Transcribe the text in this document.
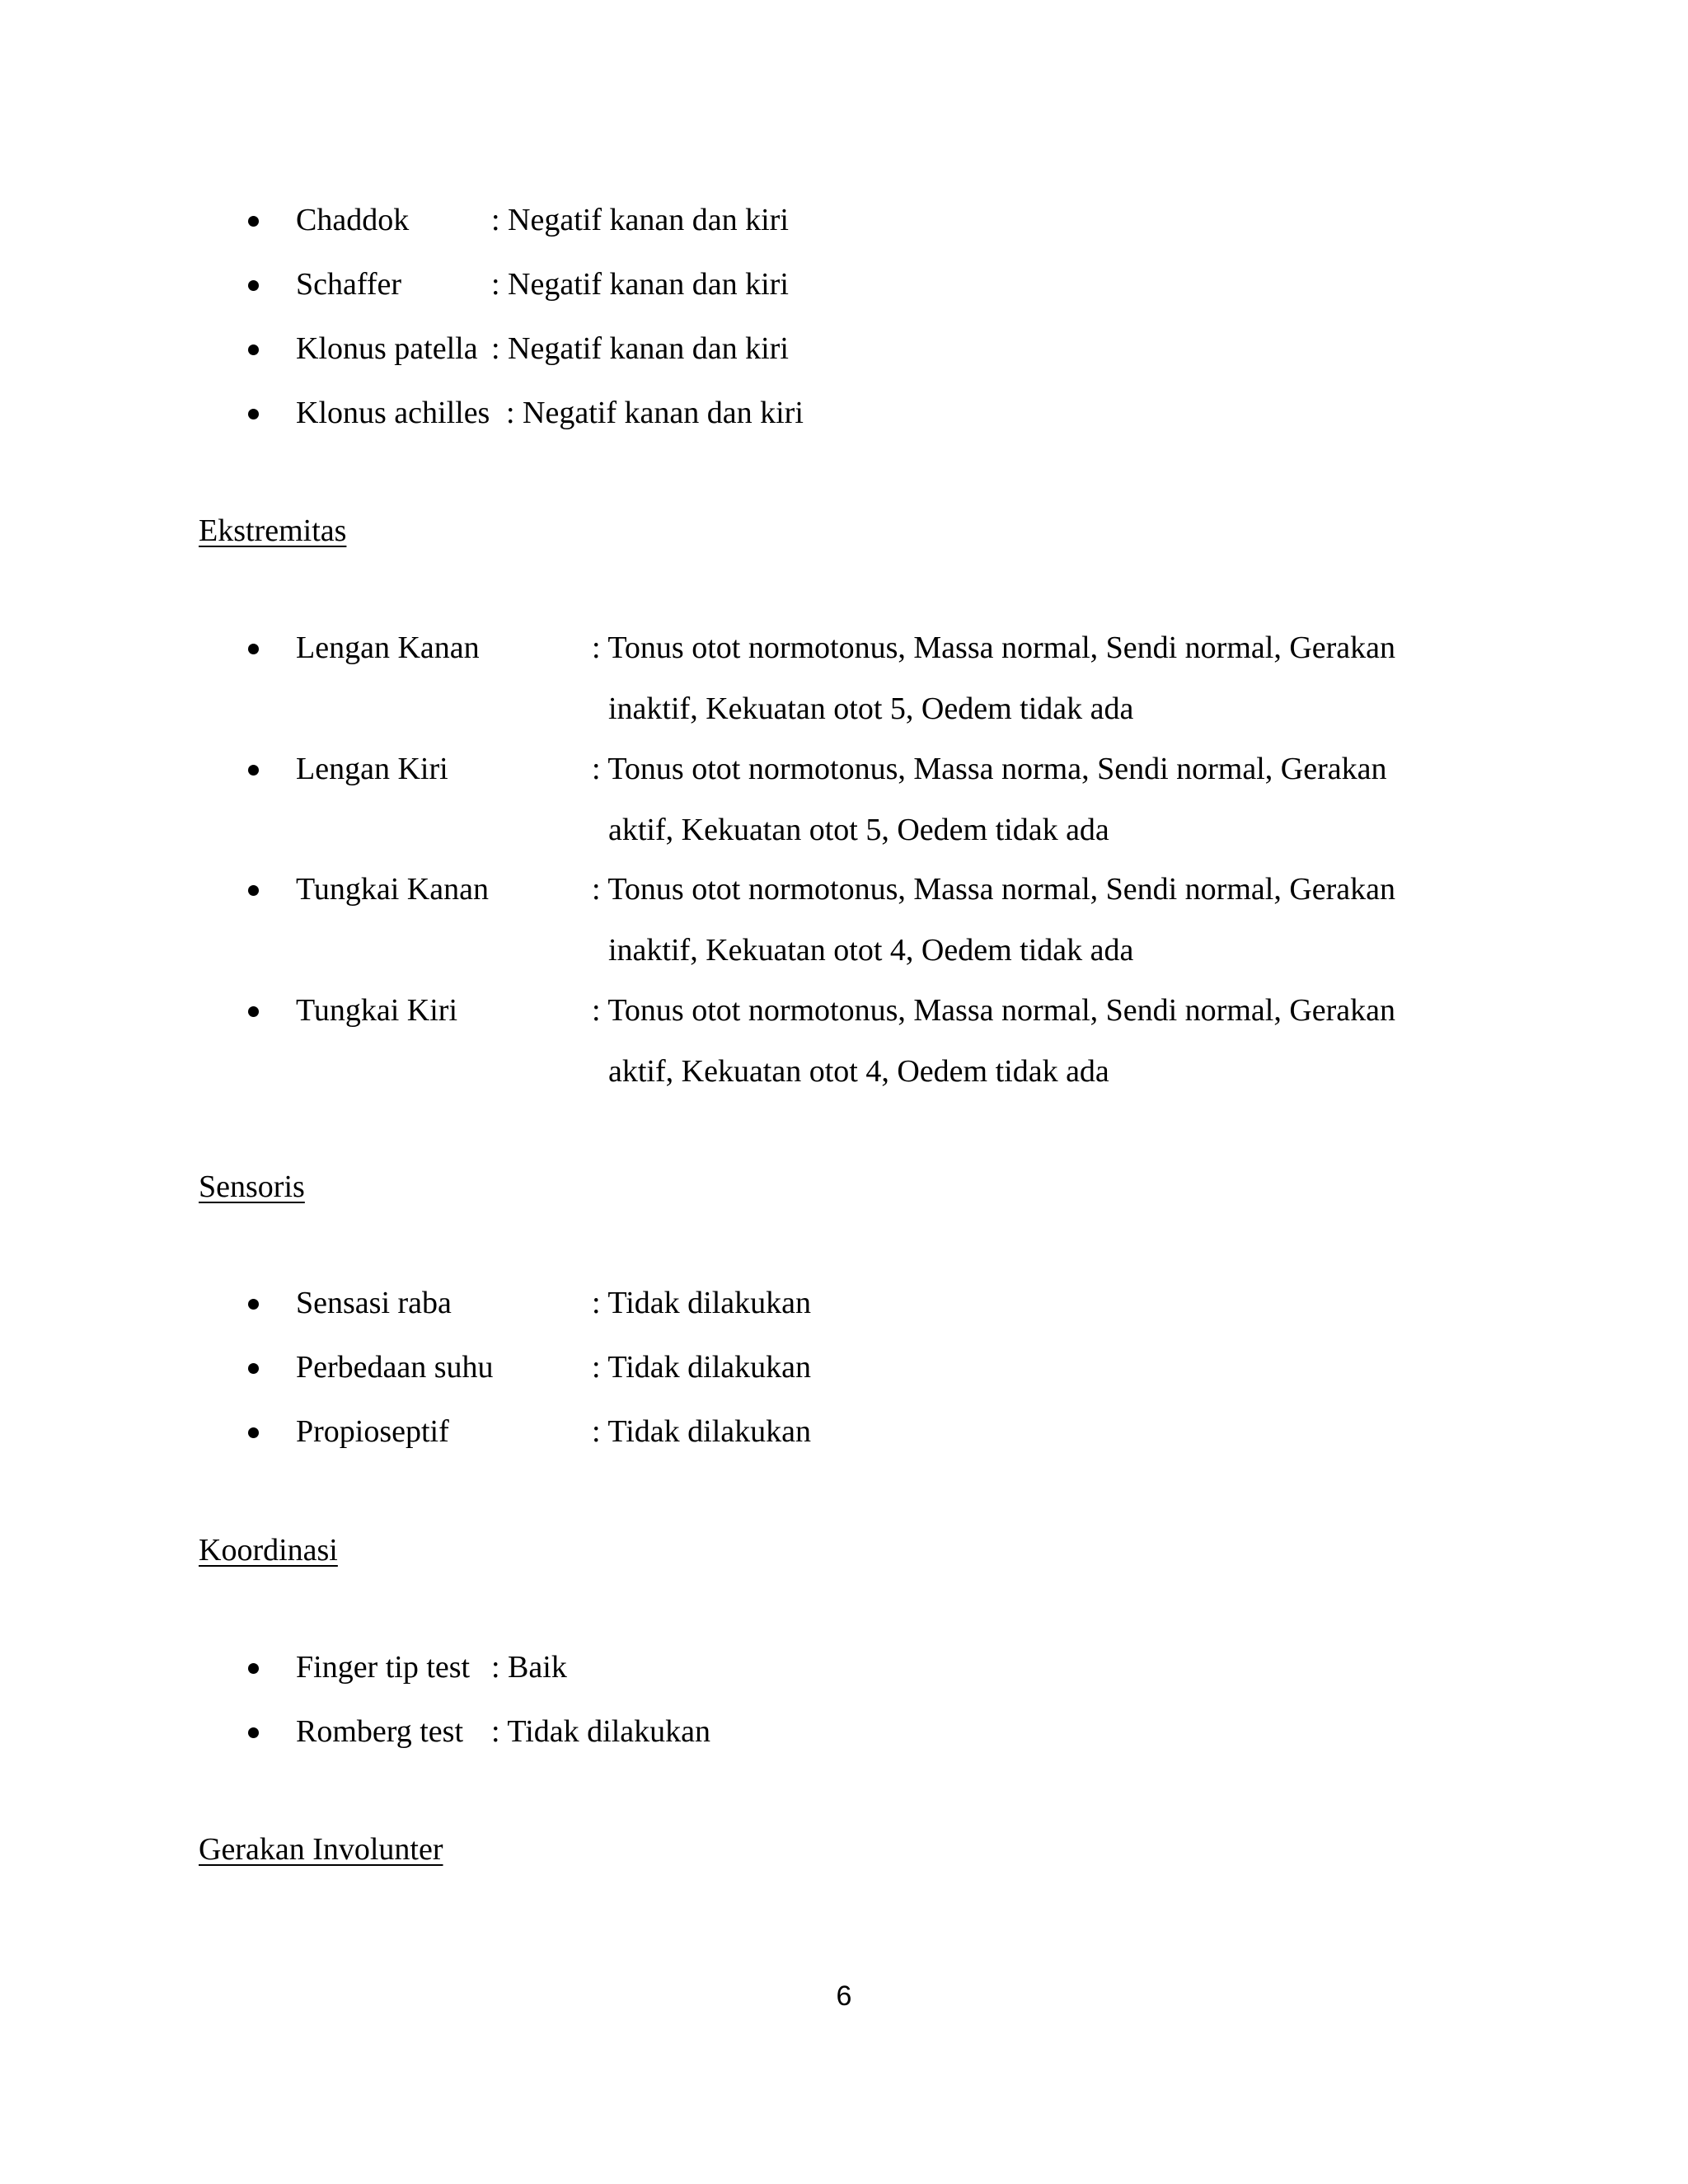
Chaddok	: Negatif kanan dan kiri
Schaffer	: Negatif kanan dan kiri
Klonus patella : Negatif kanan dan kiri
Klonus achilles : Negatif kanan dan kiri
Ekstremitas
Lengan Kanan	: Tonus otot normotonus, Massa normal, Sendi normal, Gerakan
inaktif, Kekuatan otot 5, Oedem tidak ada
Lengan Kiri	: Tonus otot normotonus, Massa norma, Sendi normal, Gerakan
aktif, Kekuatan otot 5, Oedem tidak ada
Tungkai Kanan	: Tonus otot normotonus, Massa normal, Sendi normal, Gerakan
inaktif, Kekuatan otot 4, Oedem tidak ada
Tungkai Kiri	: Tonus otot normotonus, Massa normal, Sendi normal, Gerakan
aktif, Kekuatan otot 4, Oedem tidak ada
Sensoris
Sensasi raba	: Tidak dilakukan
Perbedaan suhu	: Tidak dilakukan
Propioseptif	: Tidak dilakukan
Koordinasi
Finger tip test : Baik
Romberg test : Tidak dilakukan
Gerakan Involunter
6
